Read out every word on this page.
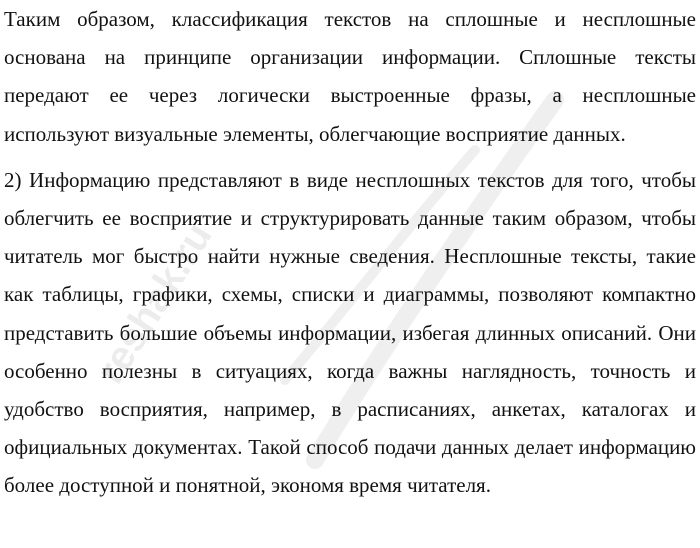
Таким образом, классификация текстов на сплошные и несплошные основана на принципе организации информации. Сплошные тексты передают ее через логически выстроенные фразы, а несплошные используют визуальные элементы, облегчающие восприятие данных.

2) Информацию представляют в виде несплошных текстов для того, чтобы облегчить ее восприятие и структурировать данные таким образом, чтобы читатель мог быстро найти нужные сведения. Несплошные тексты, такие как таблицы, графики, схемы, списки и диаграммы, позволяют компактно представить большие объемы информации, избегая длинных описаний. Они особенно полезны в ситуациях, когда важны наглядность, точность и удобство восприятия, например, в расписаниях, анкетах, каталогах и официальных документах. Такой способ подачи данных делает информацию более доступной и понятной, экономя время читателя.

reshak.ru
